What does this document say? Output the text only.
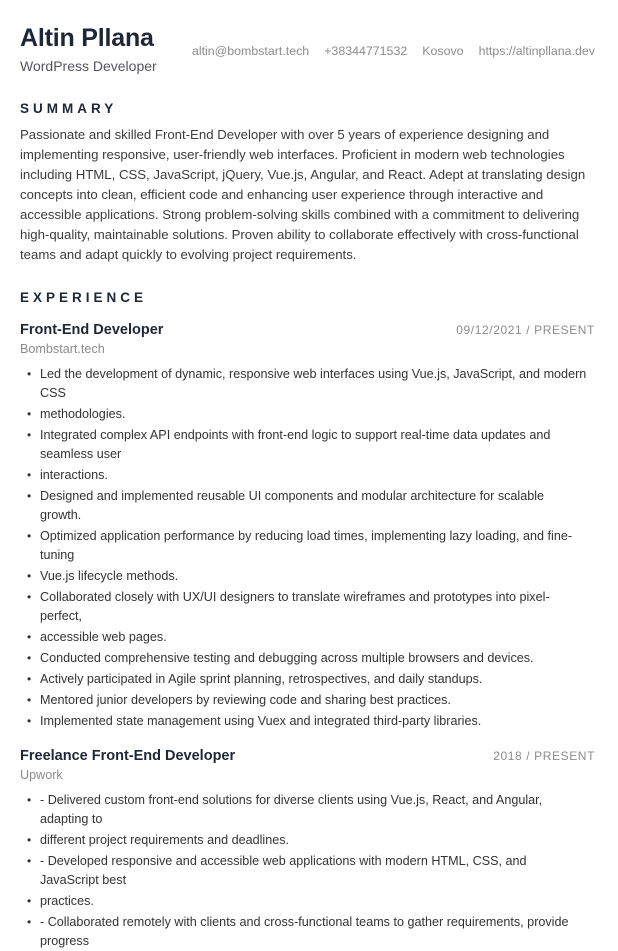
Altin Pllana
WordPress Developer
altin@bombstart.tech +38344771532 Kosovo https://altinpllana.dev
SUMMARY

Passionate and skilled Front-End Developer with over 5 years of experience designing and implementing responsive, user-friendly web interfaces. Proficient in modern web technologies including HTML, CSS, JavaScript, jQuery, Vue.js, Angular, and React. Adept at translating design concepts into clean, efficient code and enhancing user experience through interactive and accessible applications. Strong problem-solving skills combined with a commitment to delivering high-quality, maintainable solutions. Proven ability to collaborate effectively with cross-functional teams and adapt quickly to evolving project requirements.

EXPERIENCE
Front-End Developer	09/12/2021 / PRESENT
Bombstart.tech
• Led the development of dynamic, responsive web interfaces using Vue.js, JavaScript, and modern CSS
• methodologies.
• Integrated complex API endpoints with front-end logic to support real-time data updates and seamless user
• interactions.
• Designed and implemented reusable UI components and modular architecture for scalable growth.
• Optimized application performance by reducing load times, implementing lazy loading, and fine-tuning
• Vue.js lifecycle methods.
• Collaborated closely with UX/UI designers to translate wireframes and prototypes into pixel-perfect,
• accessible web pages.
• Conducted comprehensive testing and debugging across multiple browsers and devices.
• Actively participated in Agile sprint planning, retrospectives, and daily standups.
• Mentored junior developers by reviewing code and sharing best practices.
• Implemented state management using Vuex and integrated third-party libraries.
Freelance Front-End Developer	2018 / PRESENT
Upwork
• - Delivered custom front-end solutions for diverse clients using Vue.js, React, and Angular, adapting to
• different project requirements and deadlines.
• - Developed responsive and accessible web applications with modern HTML, CSS, and JavaScript best
• practices.
• - Collaborated remotely with clients and cross-functional teams to gather requirements, provide progress
